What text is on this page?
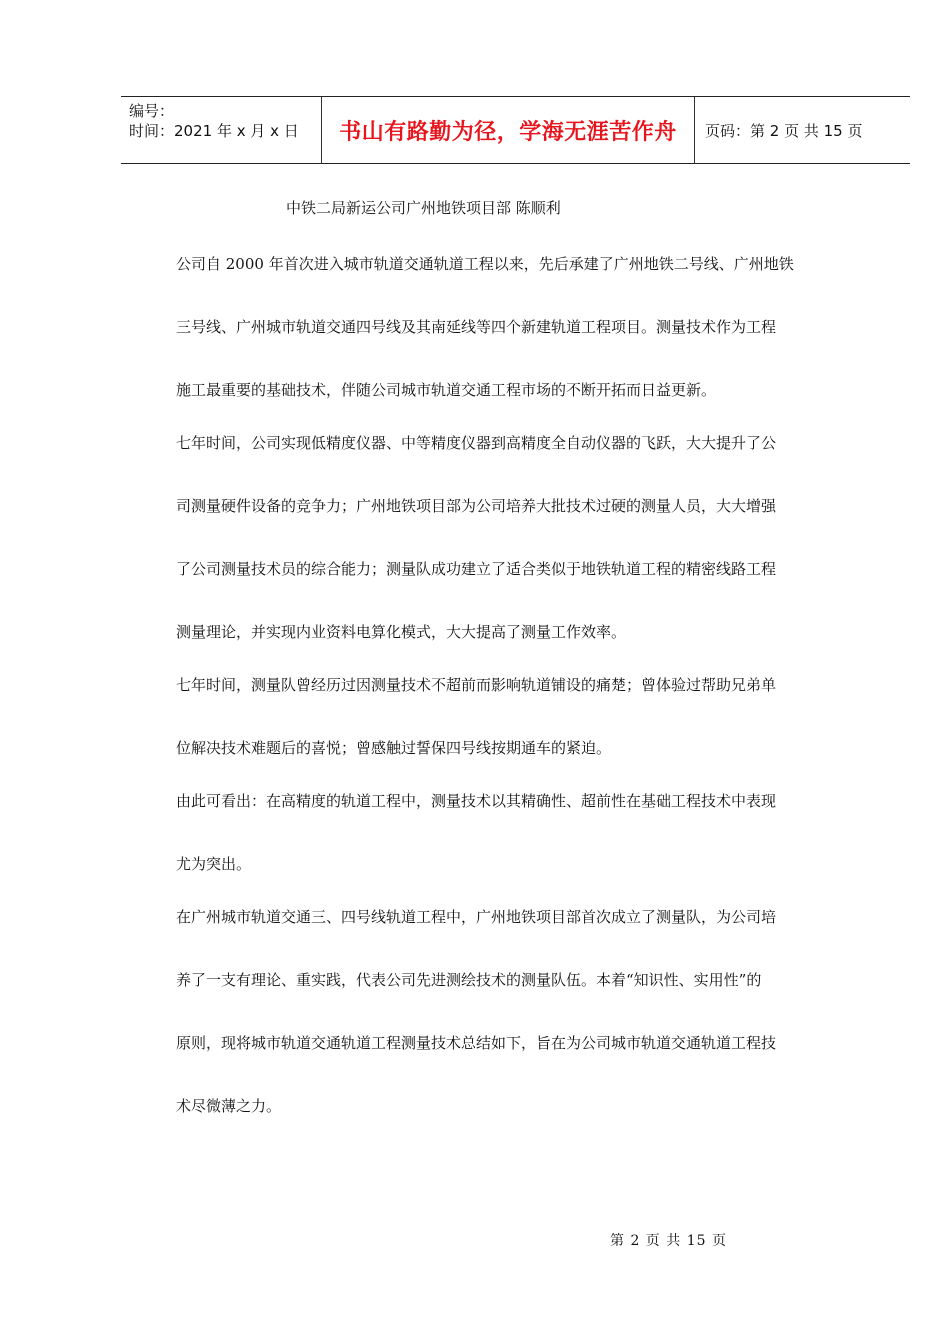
编号：
时间：2021 年 x 月 x 日	书山有路勤为径，学海无涯苦作舟	页码：第 2 页 共 15 页
中铁二局新运公司广州地铁项目部 陈顺利

公司自 2000 年首次进入城市轨道交通轨道工程以来，先后承建了广州地铁二号线、广州地铁
三号线、广州城市轨道交通四号线及其南延线等四个新建轨道工程项目。测量技术作为工程
施工最重要的基础技术，伴随公司城市轨道交通工程市场的不断开拓而日益更新。

七年时间，公司实现低精度仪器、中等精度仪器到高精度全自动仪器的飞跃，大大提升了公
司测量硬件设备的竞争力；广州地铁项目部为公司培养大批技术过硬的测量人员，大大增强
了公司测量技术员的综合能力；测量队成功建立了适合类似于地铁轨道工程的精密线路工程
测量理论，并实现内业资料电算化模式，大大提高了测量工作效率。

七年时间，测量队曾经历过因测量技术不超前而影响轨道铺设的痛楚；曾体验过帮助兄弟单
位解决技术难题后的喜悦；曾感触过誓保四号线按期通车的紧迫。

由此可看出：在高精度的轨道工程中，测量技术以其精确性、超前性在基础工程技术中表现
尤为突出。

在广州城市轨道交通三、四号线轨道工程中，广州地铁项目部首次成立了测量队，为公司培
养了一支有理论、重实践，代表公司先进测绘技术的测量队伍。本着“知识性、实用性”的
原则，现将城市轨道交通轨道工程测量技术总结如下，旨在为公司城市轨道交通轨道工程技
术尽微薄之力。

第 2 页 共 15 页
